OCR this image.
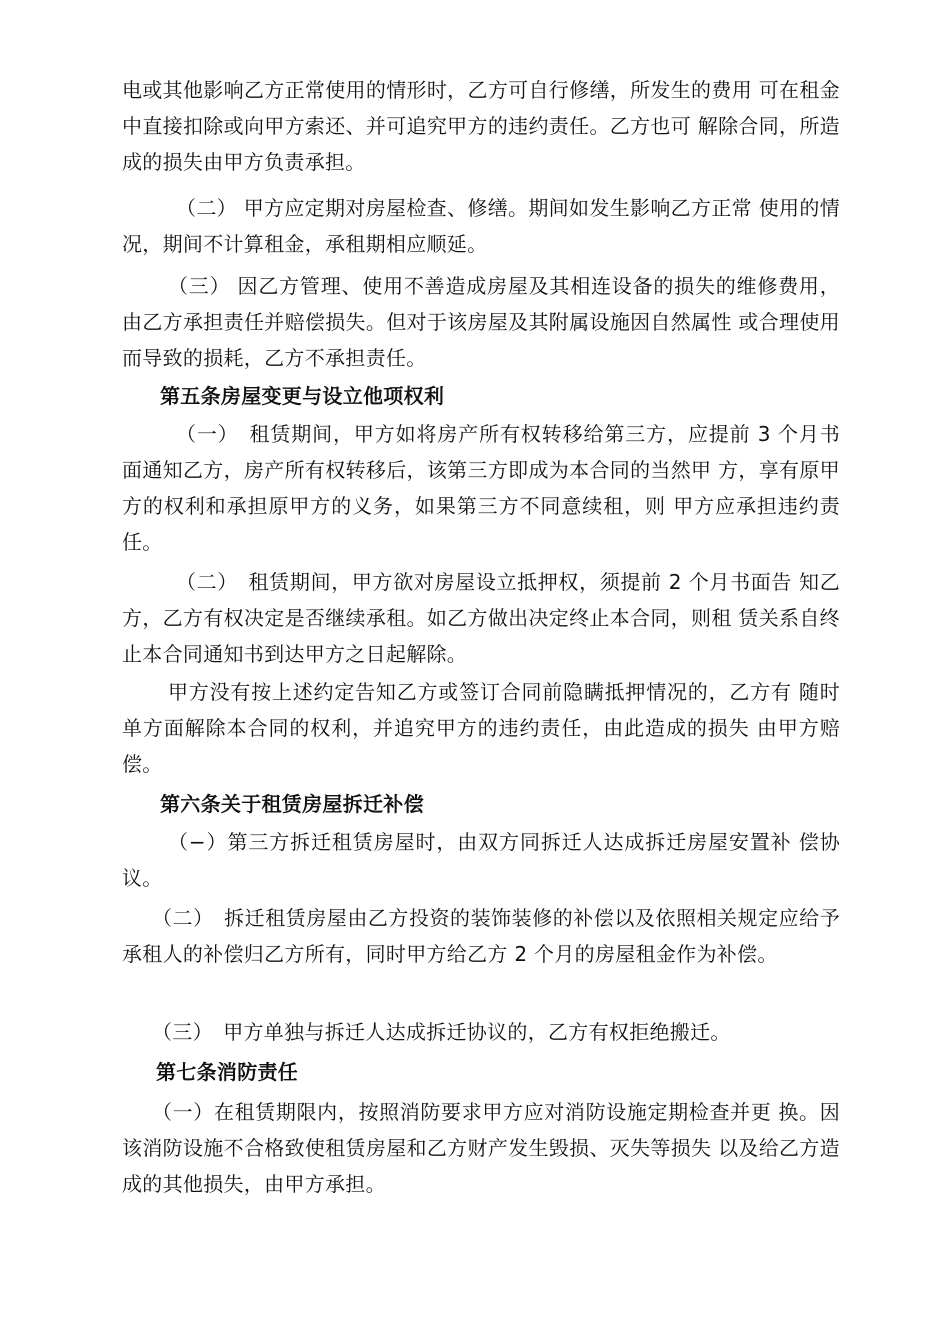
电或其他影响乙方正常使用的情形时，乙方可自行修缮，所发生的费用 可在租金中直接扣除或向甲方索还、并可追究甲方的违约责任。乙方也可 解除合同，所造成的损失由甲方负责承担。

（二） 甲方应定期对房屋检查、修缮。期间如发生影响乙方正常 使用的情况，期间不计算租金，承租期相应顺延。

（三） 因乙方管理、使用不善造成房屋及其相连设备的损失的维修费用，由乙方承担责任并赔偿损失。但对于该房屋及其附属设施因自然属性 或合理使用而导致的损耗，乙方不承担责任。

第五条房屋变更与设立他项权利

（一）　租赁期间，甲方如将房产所有权转移给第三方，应提前 3 个月书面通知乙方，房产所有权转移后，该第三方即成为本合同的当然甲 方，享有原甲方的权利和承担原甲方的义务，如果第三方不同意续租，则 甲方应承担违约责任。

（二）　租赁期间，甲方欲对房屋设立抵押权，须提前 2 个月书面告 知乙方，乙方有权决定是否继续承租。如乙方做出决定终止本合同，则租 赁关系自终止本合同通知书到达甲方之日起解除。

甲方没有按上述约定告知乙方或签订合同前隐瞒抵押情况的，乙方有 随时单方面解除本合同的权利，并追究甲方的违约责任，由此造成的损失 由甲方赔偿。

第六条关于租赁房屋拆迁补偿

（−）第三方拆迁租赁房屋时，由双方同拆迁人达成拆迁房屋安置补 偿协议。

（二）　拆迁租赁房屋由乙方投资的装饰装修的补偿以及依照相关规定应给予承租人的补偿归乙方所有，同时甲方给乙方 2 个月的房屋租金作为补偿。

（三）　甲方单独与拆迁人达成拆迁协议的，乙方有权拒绝搬迁。

第七条消防责任

（一）在租赁期限内，按照消防要求甲方应对消防设施定期检查并更 换。因该消防设施不合格致使租赁房屋和乙方财产发生毁损、灭失等损失 以及给乙方造成的其他损失，由甲方承担。
